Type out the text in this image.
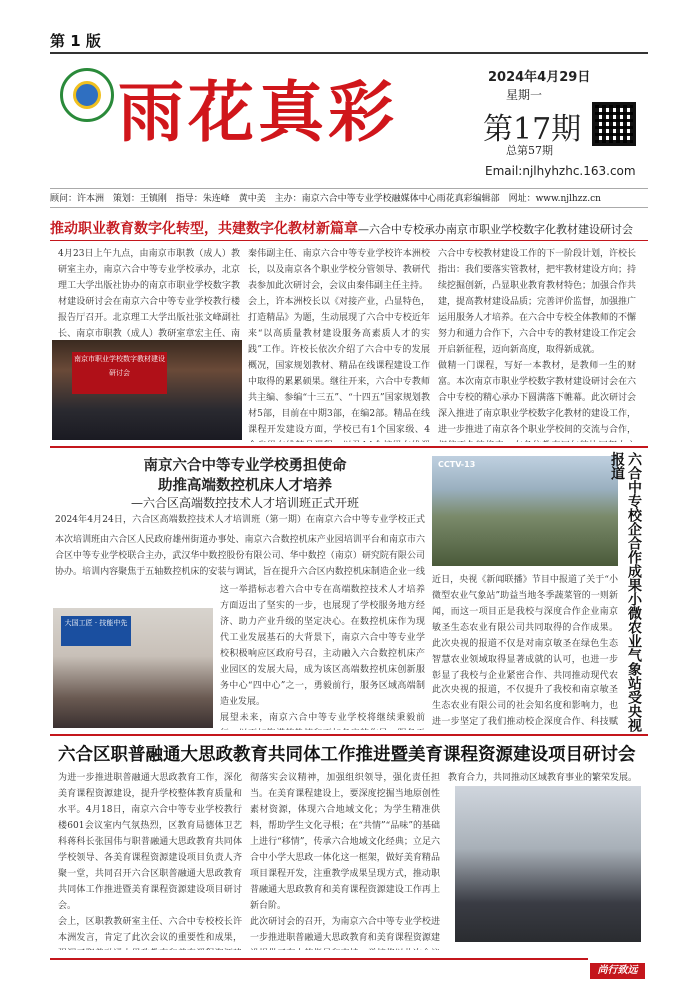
第 1 版
雨花真彩	2024年4月29日
星期一
第17期
总第57期
Email:njlhyhzhc.163.com
顾问：许本洲 策划：王镇刚 指导：朱连峰　黄中美 主办：南京六合中等专业学校融媒体中心雨花真彩编辑部 网址：www.njlhzz.cn
推动职业教育数字化转型，共建数字化教材新篇章—六合中专校承办南京市职业学校数字化教材建设研讨会
4月23日上午九点，由南京市职教（成人）教研室主办，南京六合中等专业学校承办，北京理工大学出版社协办的南京市职业学校数字教材建设研讨会在南京六合中等专业学校教行楼报告厅召开。北京理工大学出版社张文峰副社长、南京市职教（成人）教研室章宏主任、南
南京市职业学校数字教材建设研讨会
秦伟副主任、南京六合中等专业学校许本洲校长，以及南京各个职业学校分管领导、教研代表参加此次研讨会，会议由秦伟副主任主持。
会上，许本洲校长以《对接产业，凸显特色，打造精品》为题，生动展现了六合中专校近年来“以高质量教材建设服务高素质人才的实践”工作。许校长依次介绍了六合中专的发展概况，国家规划教材、精品在线课程建设工作中取得的累累硕果。继往开来，六合中专教师共主编、参编“十三五”、“十四五”国家规划教材5部，目前在中期3部，在编2部。精品在线课程开发建设方面，学校已有1个国家级、4
六合中专校教材建设工作的下一阶段计划，许校长指出：我们要落实管教材，把牢教材建设方向；持续挖掘创新，凸显职业教育教材特色；加强合作共建，提高教材建设品质；完善评价监督，加强推广运用服务人才培养。在六合中专校全体教师的不懈努力和通力合作下，六合中专的教材建设工作定会开启新征程，迈向新高度，取得新成就。
做精一门课程，写好一本教材，是教师一生的财富。本次南京市职业学校数字教材建设研讨会在六合中专校的精心承办下圆满落下帷幕。此次研讨会深入推进了南京职业学校数字化教材的建设工作，进一步推进了南京各个职业学校间的交流与合作，
南京六合中等专业学校勇担使命
助推高端数控机床人才培养
—六合区高端数控技术人才培训班正式开班
2024年4月24日，六合区高端数控技术人才培训班（第一期）在南京六合中等专业学校正式
本次培训班由六合区人民政府雄州街道办事处、南京六合数控机床产业园培训平台和南京市六合区中等专业学校联合主办，武汉华中数控股份有限公司、华中数控（南京）研究院有限公司协办。培训内容聚焦于五轴数控机床的安装与调试，旨在提升六合区内数控机床制造企业一线
大国工匠 · 技能中先
这一举措标志着六合中专在高端数控技术人才培养方面迈出了坚实的一步，也展现了学校服务地方经济、助力产业升级的坚定决心。在数控机床作为现代工业发展基石的大背景下，南京六合中等专业学校积极响应区政府号召，主动融入六合数控机床产业园区的发展大局，成为该区高端数控机床创新服务中心“四中心”之一，勇毅前行，服务区域高端制造业发展。
展望未来，南京六合中等专业学校将继续秉毅前
CCTV-13	六合中专校企合作成果小微农业气象站受央视报道
近日，央视《新闻联播》节目中报道了关于“小微型农业气象站”助益当地冬季蔬菜管的一则新闻，而这一项目正是我校与深度合作企业南京敏圣生态农业有限公司共同取得的合作成果。此次央视的报道不仅是对南京敏圣在绿色生态智慧农业领域取得显著成就的认可，也进一步彰显了我校与企业紧密合作、共同推动现代农
此次央视的报道，不仅提升了我校和南京敏圣生态农业有限公司的社会知名度和影响力，也进一步坚定了我们推动校企深度合作、科技赋
六合区职普融通大思政教育共同体工作推进暨美育课程资源建设项目研讨会
为进一步推进职普融通大思政教育工作，深化美育课程资源建设，提升学校整体教育质量和水平。4月18日，南京六合中等专业学校教行楼601会议室内气氛热烈，区教育局德体卫艺科蒋科长张国伟与职普融通大思政教育共同体学校领导、各美育课程资源建设项目负责人齐聚一堂，共同召开六合区职普融通大思政教育共同体工作推进暨美育课程资源建设项目研讨会。
会上，区职教教研室主任、六合中专校校长许本洲发言，肯定了此次会议的重要性和成果，
彻落实会议精神，加强组织领导，强化责任担当。在美育课程建设上，要深度挖掘当地原创性素材资源，体现六合地域文化；为学生精准供料，帮助学生文化寻根；在“共情”“品味”的基础上进行“移情”，传承六合地域文化经典；立足六合中小学大思政一体化这一框架，做好美育精品项目课程开发，注重教学成果呈现方式，推动职普融通大思政教育和美育课程资源建设工作再上新台阶。
此次研讨会的召开，为南京六合中等专业学校进一步推进职普融通大思政教育和美育课程资源建
教育合力，共同推动区域教育事业的繁荣发展。
尚行致远
